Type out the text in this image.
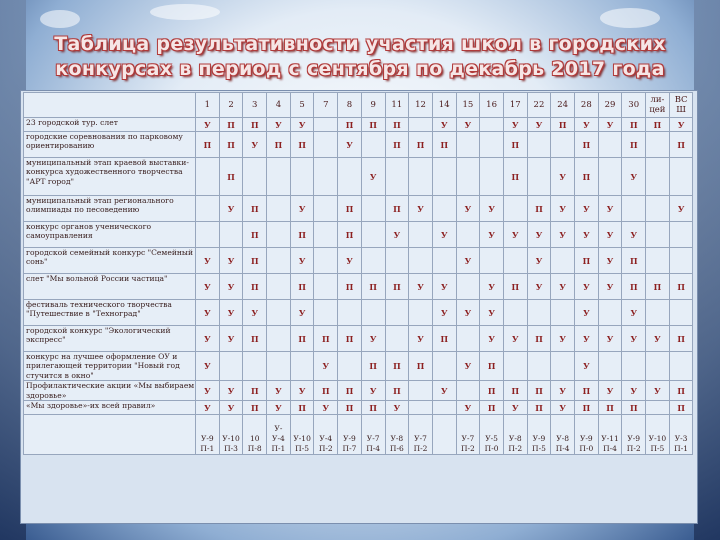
Таблица результативности участия школ в городских конкурсах в период с сентября по декабрь 2017 года
	1	2	3	4	5	7	8	9	11	12	14	15	16	17	22	24	28	29	30	ли-цей	ВС Ш
23 городской тур. слет	У	П	П	У	У		П	П	П		У	У		У	У	П	У	У	П	П	У
городские соревнования по парковому ориентированию	П	П	У	П	П		У		П	П	П			П			П		П		П
муниципальный этап краевой выставки-конкурса художественного творчества "АРТ город"		П						У						П		У	П		У		
муниципальный этап регионального олимпиады по песоведению		У	П		У		П		П	У		У	У		П	У	У	У			У
конкурс органов ученического самоуправления			П		П		П		У		У		У	У	У	У	У	У	У		
городской семейный конкурс "Семейный сонь"	У	У	П		У		У					У			У		П	У	П		
слет "Мы вольной России частица"	У	У	П		П		П	П	П	У	У		У	П	У	У	У	У	П	П	П
фестиваль технического творчества "Путешествие в "Техноград"	У	У	У		У						У	У	У				У		У		
городской конкурс "Экологический экспресс"	У	У	П		П	П	П	У		У	П		У	У	П	У	У	У	У	У	П
конкурс на лучшее оформление ОУ и прилегающей территории "Новый год стучится в окно"	У					У		П	П	П		У	П				У				
Профилактические акции «Мы выбираем здоровье»	У	У	П	У	У	П	П	У	П		У		П	П	П	У	П	У	У	У	П
«Мы здоровье»-их всей правил»	У	У	П	У	П	У	П	П	У			У	П	У	П	У	П	П	П		П
	У-9 П-1	У-10 П-3	10 П-8	У- У-4 П-1	У-10 П-5	У-4 П-2	У-9 П-7	У-7 П-4	У-8 П-6	У-7 П-2		У-7 П-2	У-5 П-0	У-8 П-2	У-9 П-5	У-8 П-4	У-9 П-0	У-11 П-4	У-9 П-2	У-10 П-5	У-3 П-1
